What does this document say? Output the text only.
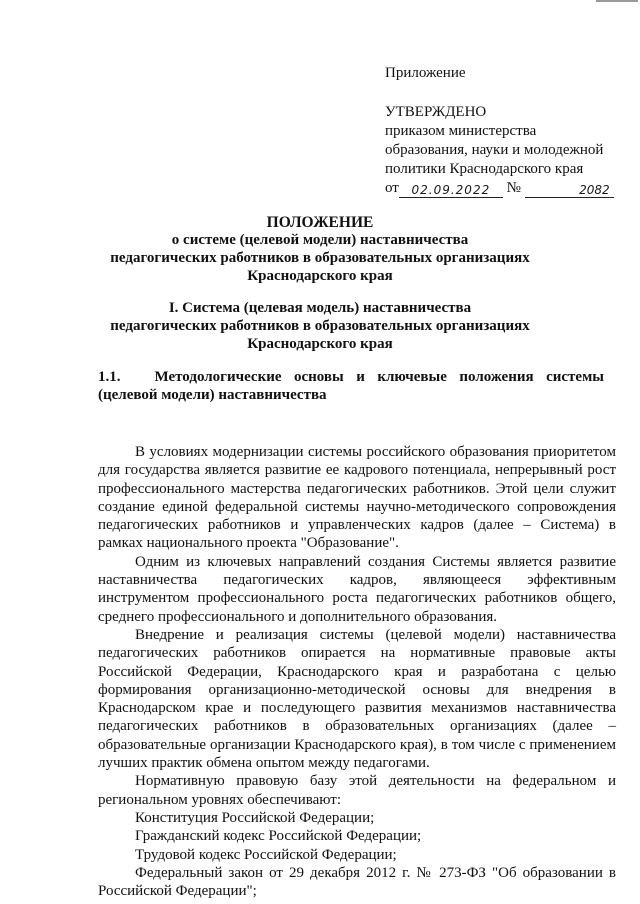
Приложение
УТВЕРЖДЕНО
приказом министерства
образования, науки и молодежной
политики Краснодарского края
от 02.09.2022 №	2082
ПОЛОЖЕНИЕ
о системе (целевой модели) наставничества
педагогических работников в образовательных организациях
Краснодарского края
I. Система (целевая модель) наставничества
педагогических работников в образовательных организациях
Краснодарского края
1.1. Методологические основы и ключевые положения системы (целевой модели) наставничества

В условиях модернизации системы российского образования приоритетом для государства является развитие ее кадрового потенциала, непрерывный рост профессионального мастерства педагогических работников. Этой цели служит создание единой федеральной системы научно-методического сопровождения педагогических работников и управленческих кадров (далее – Система) в рамках национального проекта "Образование".

Одним из ключевых направлений создания Системы является развитие наставничества педагогических кадров, являющееся эффективным инструментом профессионального роста педагогических работников общего, среднего профессионального и дополнительного образования.

Внедрение и реализация системы (целевой модели) наставничества педагогических работников опирается на нормативные правовые акты Российской Федерации, Краснодарского края и разработана с целью формирования организационно-методической основы для внедрения в Краснодарском крае и последующего развития механизмов наставничества педагогических работников в образовательных организациях (далее – образовательные организации Краснодарского края), в том числе с применением лучших практик обмена опытом между педагогами.

Нормативную правовую базу этой деятельности на федеральном и региональном уровнях обеспечивают:

Конституция Российской Федерации;

Гражданский кодекс Российской Федерации;

Трудовой кодекс Российской Федерации;

Федеральный закон от 29 декабря 2012 г. № 273-ФЗ "Об образовании в Российской Федерации";
